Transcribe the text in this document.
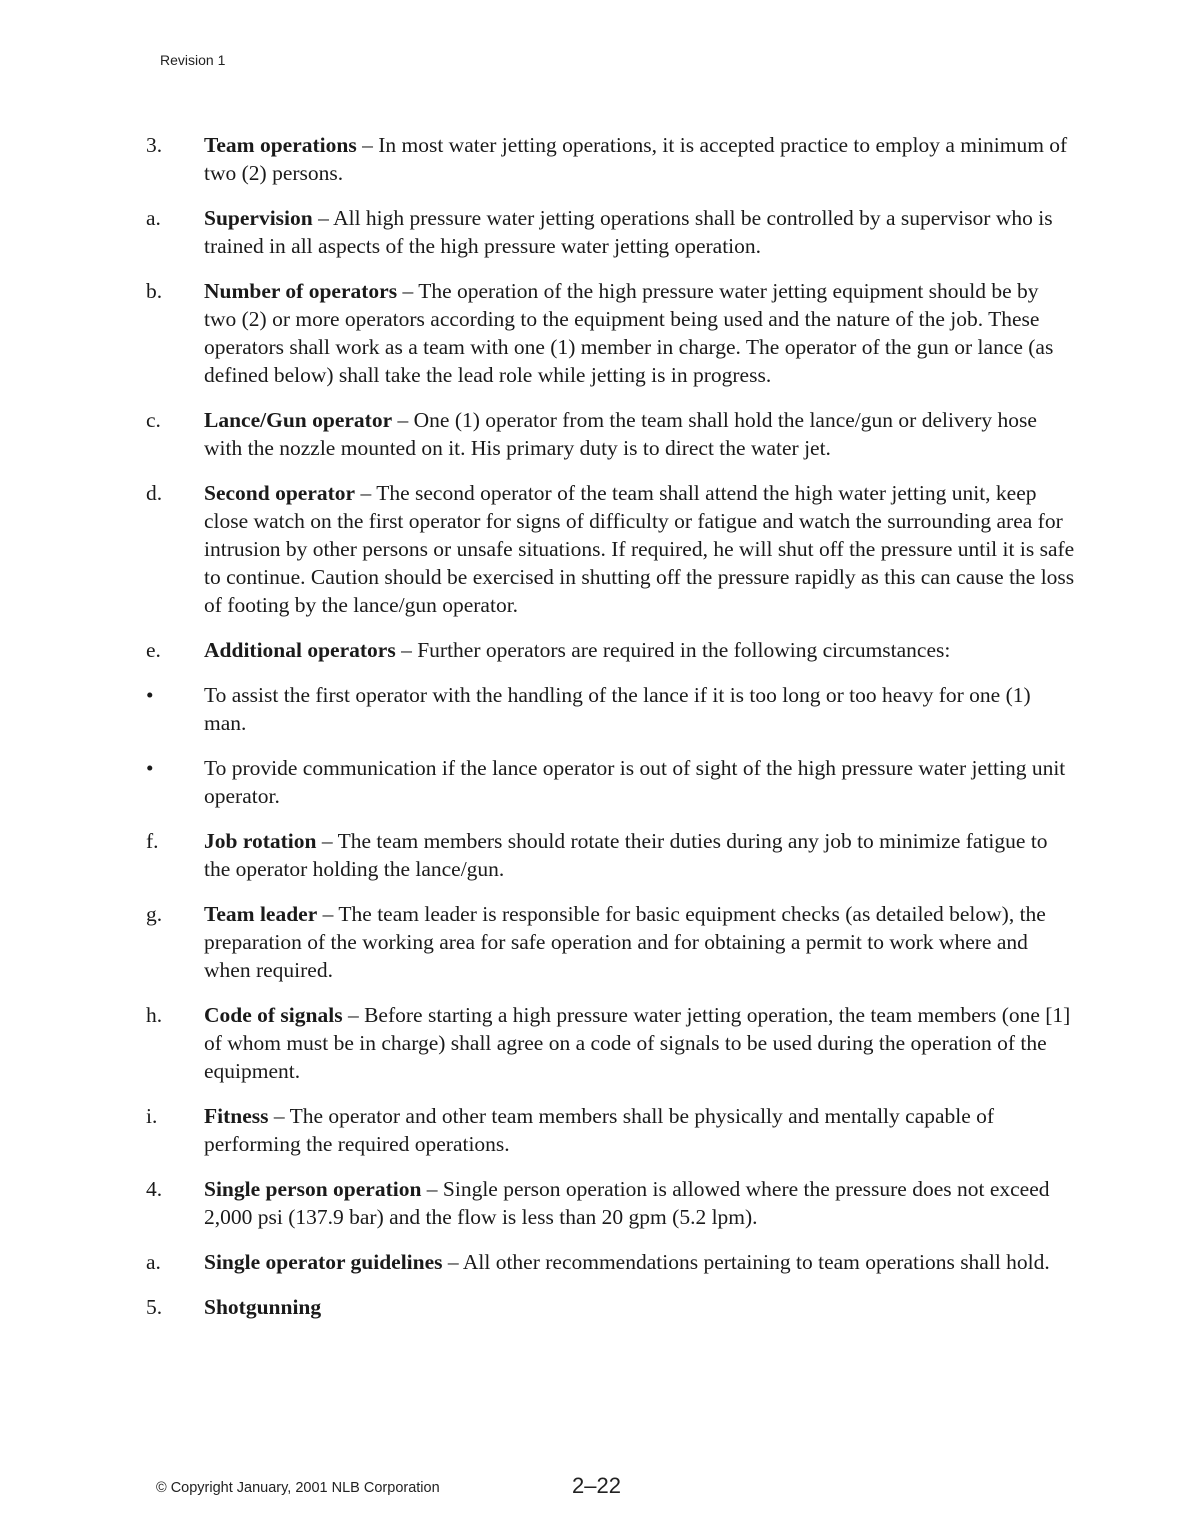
Revision 1
3.	Team operations – In most water jetting operations, it is accepted practice to employ a minimum of two (2) persons.
a.	Supervision – All high pressure water jetting operations shall be controlled by a supervisor who is trained in all aspects of the high pressure water jetting operation.
b.	Number of operators – The operation of the high pressure water jetting equipment should be by two (2) or more operators according to the equipment being used and the nature of the job. These operators shall work as a team with one (1) member in charge. The operator of the gun or lance (as defined below) shall take the lead role while jetting is in progress.
c.	Lance/Gun operator – One (1) operator from the team shall hold the lance/gun or delivery hose with the nozzle mounted on it. His primary duty is to direct the water jet.
d.	Second operator – The second operator of the team shall attend the high water jetting unit, keep close watch on the first operator for signs of difficulty or fatigue and watch the surrounding area for intrusion by other persons or unsafe situations. If required, he will shut off the pressure until it is safe to continue. Caution should be exercised in shutting off the pressure rapidly as this can cause the loss of footing by the lance/gun operator.
e.	Additional operators – Further operators are required in the following circumstances:
•	To assist the first operator with the handling of the lance if it is too long or too heavy for one (1) man.
•	To provide communication if the lance operator is out of sight of the high pressure water jetting unit operator.
f.	Job rotation – The team members should rotate their duties during any job to minimize fatigue to the operator holding the lance/gun.
g.	Team leader – The team leader is responsible for basic equipment checks (as detailed below), the preparation of the working area for safe operation and for obtaining a permit to work where and when required.
h.	Code of signals – Before starting a high pressure water jetting operation, the team members (one [1] of whom must be in charge) shall agree on a code of signals to be used during the operation of the equipment.
i.	Fitness – The operator and other team members shall be physically and mentally capable of performing the required operations.
4.	Single person operation – Single person operation is allowed where the pressure does not exceed 2,000 psi (137.9 bar) and the flow is less than 20 gpm (5.2 lpm).
a.	Single operator guidelines – All other recommendations pertaining to team operations shall hold.
5.	Shotgunning
© Copyright January, 2001 NLB Corporation	2–22
